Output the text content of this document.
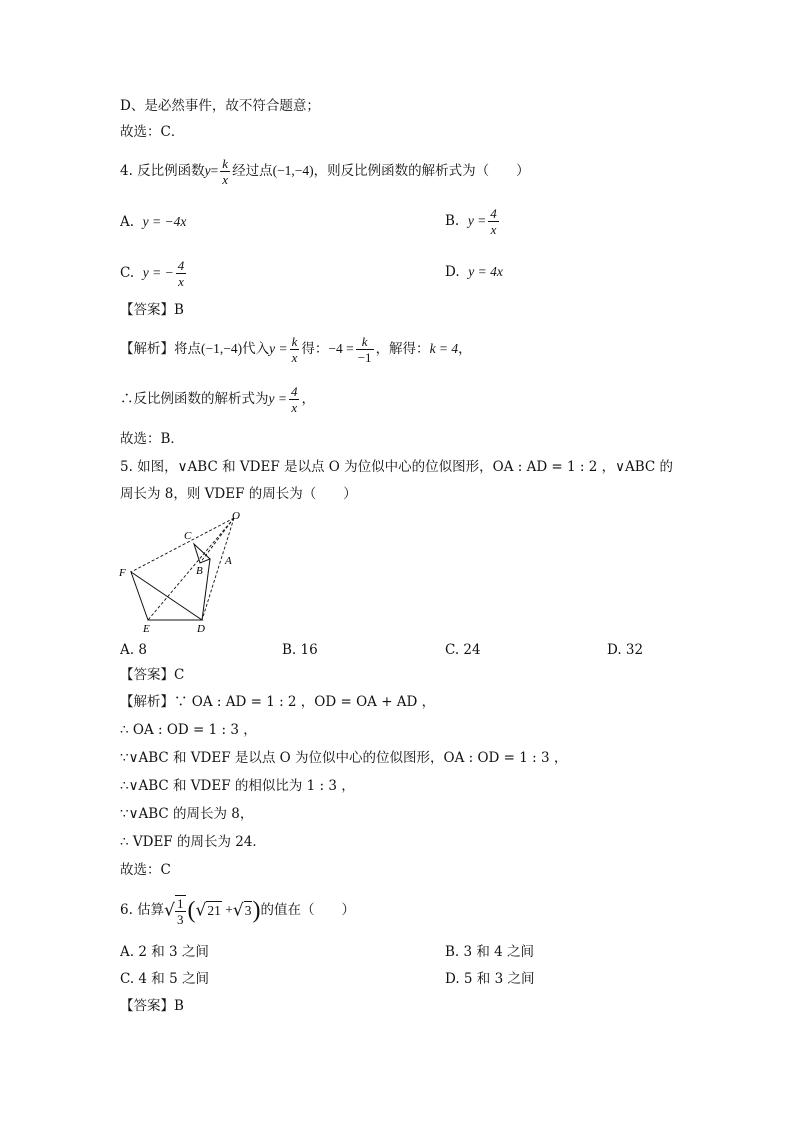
D、是必然事件，故不符合题意；
故选：C．
4. 反比例函数$y= \frac{k}{x}$ 经过点(−1,−4)，则反比例函数的解析式为（　　）
A. y = −4x	B. $y = \frac{4}{x}$
C. y = − $\frac{4}{x}$	D. y = 4x
【答案】B
【解析】将点(−1,−4)代入$y = \frac{k}{x}$ 得：$-4 = \frac{k}{-1}$ ，解得：k = 4，
∴反比例函数的解析式为$y = \frac{4}{x}$ ，
故选：B．
5. 如图，∨ABC 和 VDEF 是以点 O 为位似中心的位似图形，OA : AD = 1 : 2 ，∨ABC 的
周长为 8，则 VDEF 的周长为（　　）
O
C
A
B
F
E	D
A. 8	B. 16	C. 24	D. 32
【答案】C
【解析】∵ OA : AD = 1 : 2 ，OD = OA + AD ，
∴ OA : OD = 1 : 3 ，
∵∨ABC 和 VDEF 是以点 O 为位似中心的位似图形，OA : OD = 1 : 3 ，
∴∨ABC 和 VDEF 的相似比为 1 : 3 ，
∵∨ABC 的周长为 8，
∴ VDEF 的周长为 24．
故选：C
6. 估算√ $\frac{1}{3} (√21 +√3)$的值在（　　）
A. 2 和 3 之间	B. 3 和 4 之间
C. 4 和 5 之间	D. 5 和 3 之间
【答案】B
